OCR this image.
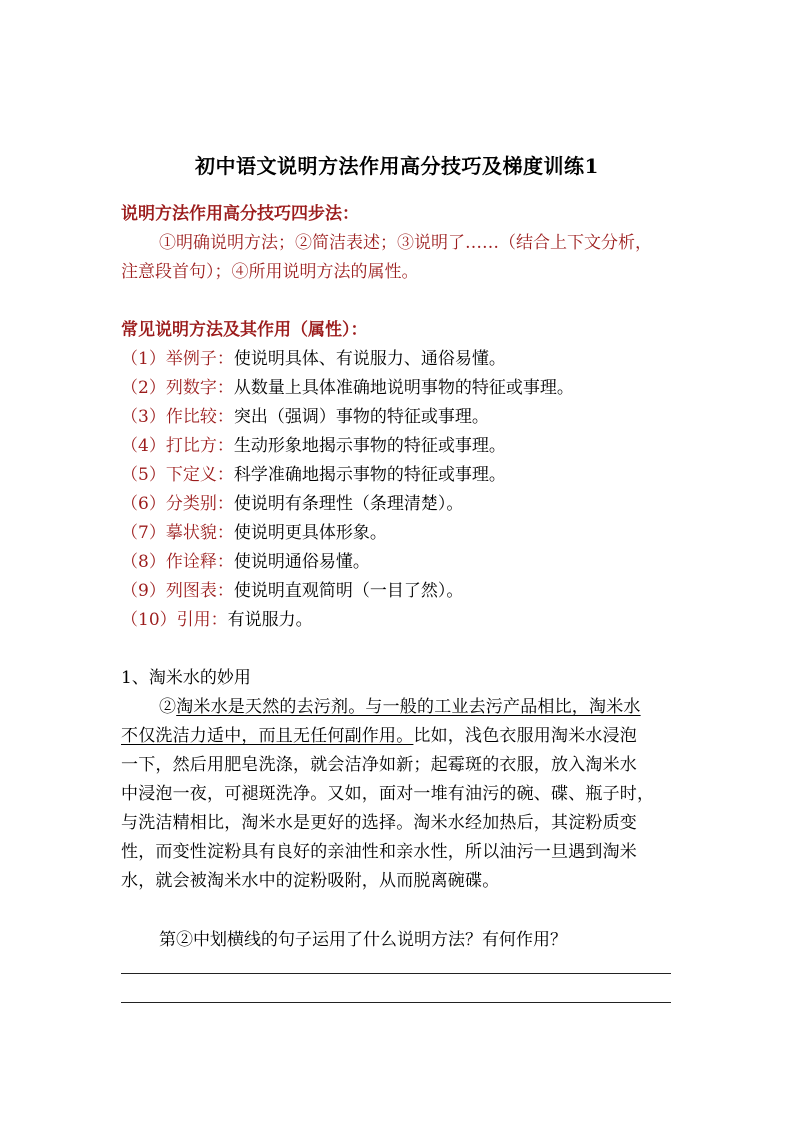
初中语文说明方法作用高分技巧及梯度训练1
说明方法作用高分技巧四步法：
①明确说明方法；②简洁表述；③说明了……（结合上下文分析，
注意段首句）；④所用说明方法的属性。
常见说明方法及其作用（属性）：
（1）举例子：使说明具体、有说服力、通俗易懂。
（2）列数字：从数量上具体准确地说明事物的特征或事理。
（3）作比较：突出（强调）事物的特征或事理。
（4）打比方：生动形象地揭示事物的特征或事理。
（5）下定义：科学准确地揭示事物的特征或事理。
（6）分类别：使说明有条理性（条理清楚）。
（7）摹状貌：使说明更具体形象。
（8）作诠释：使说明通俗易懂。
（9）列图表：使说明直观简明（一目了然）。
（10）引用：有说服力。
1、淘米水的妙用
②淘米水是天然的去污剂。与一般的工业去污产品相比，淘米水
不仅洗洁力适中，而且无任何副作用。比如，浅色衣服用淘米水浸泡
一下，然后用肥皂洗涤，就会洁净如新；起霉斑的衣服，放入淘米水
中浸泡一夜，可褪斑洗净。又如，面对一堆有油污的碗、碟、瓶子时，
与洗洁精相比，淘米水是更好的选择。淘米水经加热后，其淀粉质变
性，而变性淀粉具有良好的亲油性和亲水性，所以油污一旦遇到淘米
水，就会被淘米水中的淀粉吸附，从而脱离碗碟。
第②中划横线的句子运用了什么说明方法？有何作用？
